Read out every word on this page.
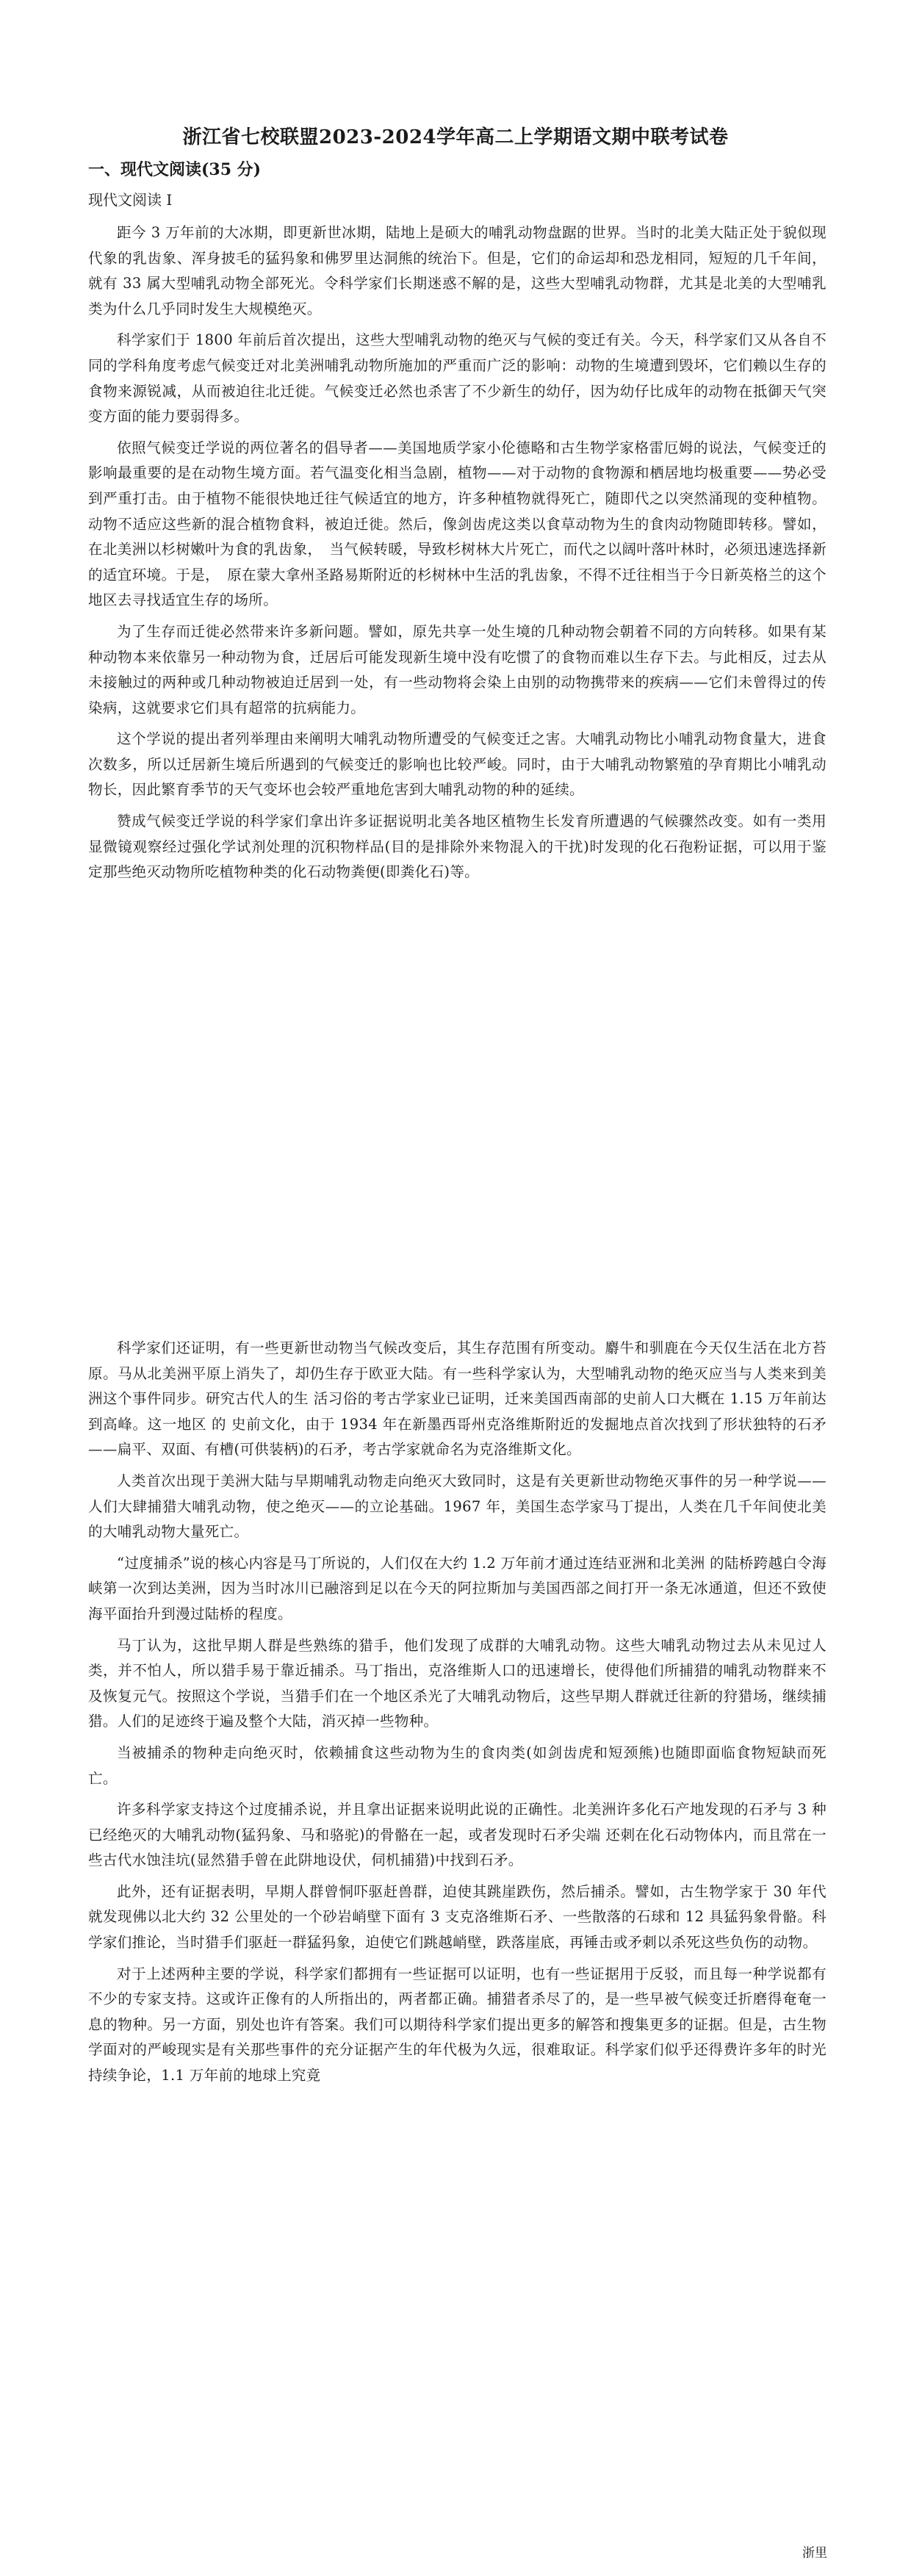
浙江省七校联盟2023-2024学年高二上学期语文期中联考试卷
一、现代文阅读(35 分)
现代文阅读 I

距今 3 万年前的大冰期，即更新世冰期，陆地上是硕大的哺乳动物盘踞的世界。当时的北美大陆正处于貌似现代象的乳齿象、浑身披毛的猛犸象和佛罗里达洞熊的统治下。但是，它们的命运却和恐龙相同，短短的几千年间，就有 33 属大型哺乳动物全部死光。令科学家们长期迷惑不解的是，这些大型哺乳动物群，尤其是北美的大型哺乳类为什么几乎同时发生大规模绝灭。

科学家们于 1800 年前后首次提出，这些大型哺乳动物的绝灭与气候的变迁有关。今天，科学家们又从各自不同的学科角度考虑气候变迁对北美洲哺乳动物所施加的严重而广泛的影响：动物的生境遭到毁坏，它们赖以生存的食物来源锐减，从而被迫往北迁徙。气候变迁必然也杀害了不少新生的幼仔，因为幼仔比成年的动物在抵御天气突变方面的能力要弱得多。

依照气候变迁学说的两位著名的倡导者——美国地质学家小伦德略和古生物学家格雷厄姆的说法，气候变迁的影响最重要的是在动物生境方面。若气温变化相当急剧，植物——对于动物的食物源和栖居地均极重要——势必受到严重打击。由于植物不能很快地迁往气候适宜的地方，许多种植物就得死亡，随即代之以突然涌现的变种植物。动物不适应这些新的混合植物食料，被迫迁徙。然后，像剑齿虎这类以食草动物为生的食肉动物随即转移。譬如，在北美洲以杉树嫩叶为食的乳齿象，　当气候转暖，导致杉树林大片死亡，而代之以阔叶落叶林时，必须迅速选择新的适宜环境。于是，　原在蒙大拿州圣路易斯附近的杉树林中生活的乳齿象，不得不迁往相当于今日新英格兰的这个地区去寻找适宜生存的场所。

为了生存而迁徙必然带来许多新问题。譬如，原先共享一处生境的几种动物会朝着不同的方向转移。如果有某种动物本来依靠另一种动物为食，迁居后可能发现新生境中没有吃惯了的食物而难以生存下去。与此相反，过去从未接触过的两种或几种动物被迫迁居到一处，有一些动物将会染上由别的动物携带来的疾病——它们未曾得过的传染病，这就要求它们具有超常的抗病能力。

这个学说的提出者列举理由来阐明大哺乳动物所遭受的气候变迁之害。大哺乳动物比小哺乳动物食量大，进食次数多，所以迁居新生境后所遇到的气候变迁的影响也比较严峻。同时，由于大哺乳动物繁殖的孕育期比小哺乳动物长，因此繁育季节的天气变坏也会较严重地危害到大哺乳动物的种的延续。

赞成气候变迁学说的科学家们拿出许多证据说明北美各地区植物生长发育所遭遇的气候骤然改变。如有一类用显微镜观察经过强化学试剂处理的沉积物样品(目的是排除外来物混入的干扰)时发现的化石孢粉证据，可以用于鉴定那些绝灭动物所吃植物种类的化石动物粪便(即粪化石)等。

科学家们还证明，有一些更新世动物当气候改变后，其生存范围有所变动。麝牛和驯鹿在今天仅生活在北方苔原。马从北美洲平原上消失了，却仍生存于欧亚大陆。有一些科学家认为，大型哺乳动物的绝灭应当与人类来到美洲这个事件同步。研究古代人的生 活习俗的考古学家业已证明，迁来美国西南部的史前人口大概在 1.15 万年前达到高峰。这一地区 的 史前文化，由于 1934 年在新墨西哥州克洛维斯附近的发掘地点首次找到了形状独特的石矛——扁平、双面、有槽(可供装柄)的石矛，考古学家就命名为克洛维斯文化。

人类首次出现于美洲大陆与早期哺乳动物走向绝灭大致同时，这是有关更新世动物绝灭事件的另一种学说——人们大肆捕猎大哺乳动物，使之绝灭——的立论基础。1967 年，美国生态学家马丁提出，人类在几千年间使北美的大哺乳动物大量死亡。

“过度捕杀”说的核心内容是马丁所说的，人们仅在大约 1.2 万年前才通过连结亚洲和北美洲 的陆桥跨越白令海峡第一次到达美洲，因为当时冰川已融溶到足以在今天的阿拉斯加与美国西部之间打开一条无冰通道，但还不致使海平面抬升到漫过陆桥的程度。

马丁认为，这批早期人群是些熟练的猎手，他们发现了成群的大哺乳动物。这些大哺乳动物过去从未见过人类，并不怕人，所以猎手易于靠近捕杀。马丁指出，克洛维斯人口的迅速增长，使得他们所捕猎的哺乳动物群来不及恢复元气。按照这个学说，当猎手们在一个地区杀光了大哺乳动物后，这些早期人群就迁往新的狩猎场，继续捕猎。人们的足迹终于遍及整个大陆，消灭掉一些物种。

当被捕杀的物种走向绝灭时，依赖捕食这些动物为生的食肉类(如剑齿虎和短颈熊)也随即面临食物短缺而死亡。

许多科学家支持这个过度捕杀说，并且拿出证据来说明此说的正确性。北美洲许多化石产地发现的石矛与 3 种已经绝灭的大哺乳动物(猛犸象、马和骆驼)的骨骼在一起，或者发现时石矛尖端 还刺在化石动物体内，而且常在一些古代水蚀洼坑(显然猎手曾在此阱地设伏，伺机捕猎)中找到石矛。

此外，还有证据表明，早期人群曾恫吓驱赶兽群，迫使其跳崖跌伤，然后捕杀。譬如，古生物学家于 30 年代就发现佛以北大约 32 公里处的一个砂岩峭壁下面有 3 支克洛维斯石矛、一些散落的石球和 12 具猛犸象骨骼。科学家们推论，当时猎手们驱赶一群猛犸象，迫使它们跳越峭壁，跌落崖底，再锤击或矛刺以杀死这些负伤的动物。

对于上述两种主要的学说，科学家们都拥有一些证据可以证明，也有一些证据用于反驳，而且每一种学说都有不少的专家支持。这或许正像有的人所指出的，两者都正确。捕猎者杀尽了的，是一些早被气候变迁折磨得奄奄一息的物种。另一方面，别处也许有答案。我们可以期待科学家们提出更多的解答和搜集更多的证据。但是，古生物学面对的严峻现实是有关那些事件的充分证据产生的年代极为久远，很难取证。科学家们似乎还得费许多年的时光持续争论，1.1 万年前的地球上究竟

浙里
